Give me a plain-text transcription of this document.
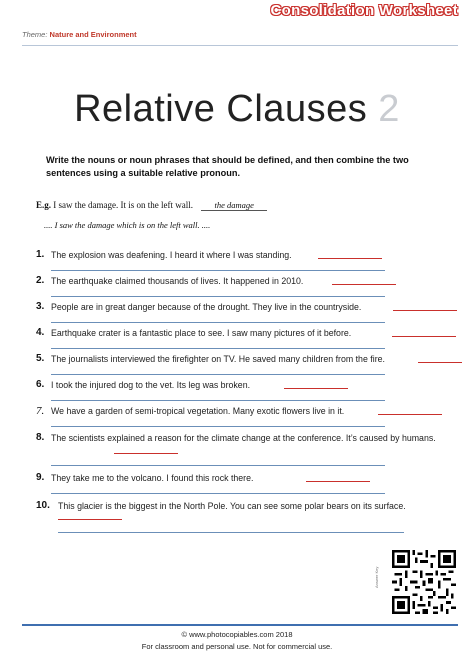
Theme: Nature and Environment
Consolidation Worksheet
Relative Clauses 2
Write the nouns or noun phrases that should be defined, and then combine the two sentences using a suitable relative pronoun.
E.g. I saw the damage. It is on the left wall.	the damage
.... I saw the damage which is on the left wall. ....
1. The explosion was deafening. I heard it where I was standing.
2. The earthquake claimed thousands of lives. It happened in 2010.
3. People are in great danger because of the drought. They live in the countryside.
4. Earthquake crater is a fantastic place to see. I saw many pictures of it before.
5. The journalists interviewed the firefighter on TV. He saved many children from the fire.
6. I took the injured dog to the vet. Its leg was broken.
7. We have a garden of semi-tropical vegetation. Many exotic flowers live in it.
8. The scientists explained a reason for the climate change at the conference. It’s caused by humans.
9. They take me to the volcano. I found this rock there.
10. This glacier is the biggest in the North Pole. You can see some polar bears on its surface.
Answer Key
© www.photocopiables.com 2018
For classroom and personal use. Not for commercial use.
